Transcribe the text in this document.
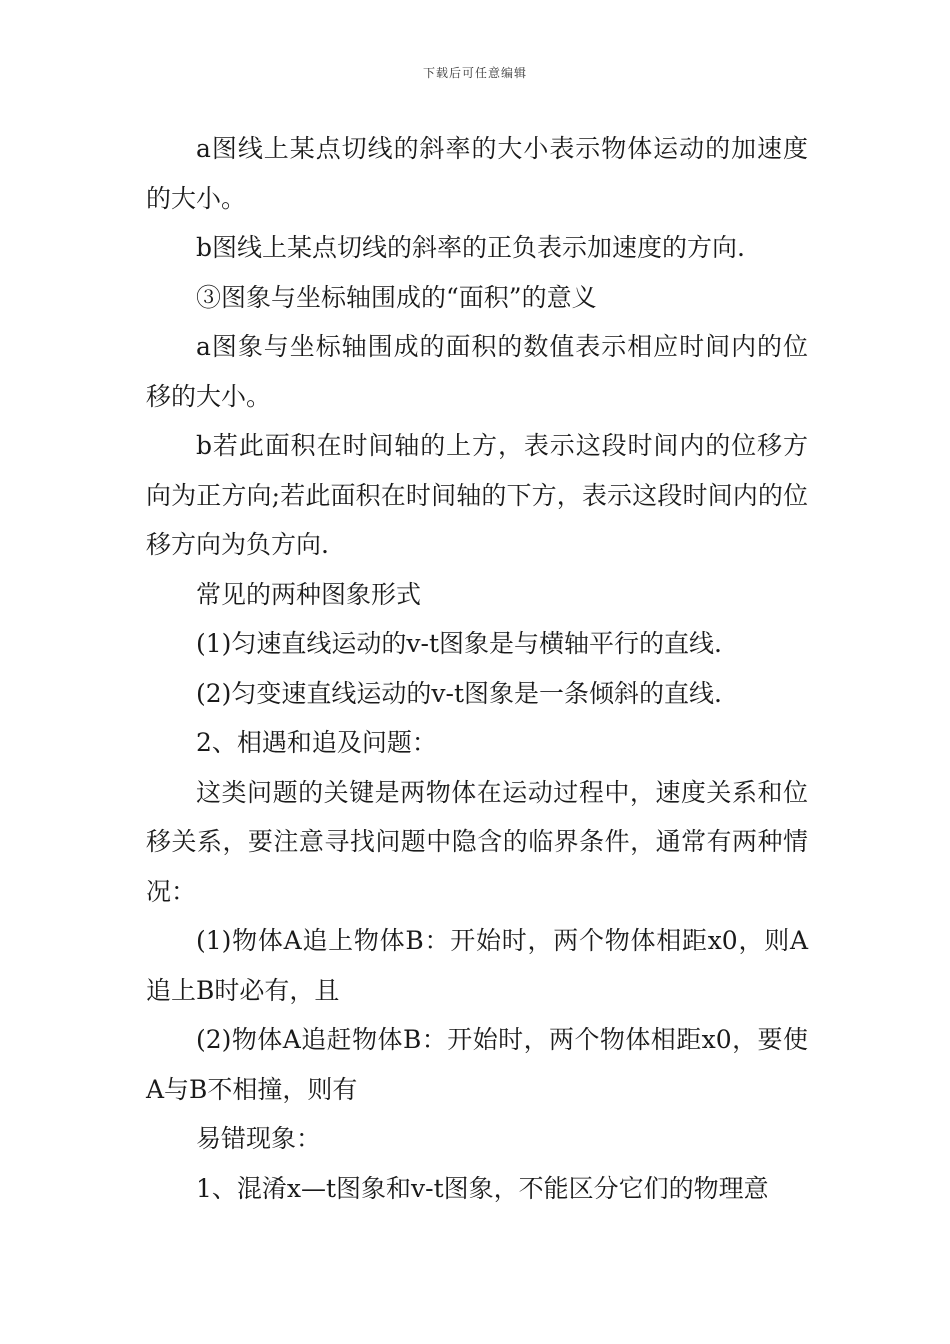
下载后可任意编辑

a图线上某点切线的斜率的大小表示物体运动的加速度的大小。

b图线上某点切线的斜率的正负表示加速度的方向.

③图象与坐标轴围成的“面积”的意义

a图象与坐标轴围成的面积的数值表示相应时间内的位移的大小。

b若此面积在时间轴的上方，表示这段时间内的位移方向为正方向;若此面积在时间轴的下方，表示这段时间内的位移方向为负方向.

常见的两种图象形式

(1)匀速直线运动的v-t图象是与横轴平行的直线.

(2)匀变速直线运动的v-t图象是一条倾斜的直线.

2、相遇和追及问题：

这类问题的关键是两物体在运动过程中，速度关系和位移关系，要注意寻找问题中隐含的临界条件，通常有两种情况：

(1)物体A追上物体B：开始时，两个物体相距x0，则A追上B时必有，且

(2)物体A追赶物体B：开始时，两个物体相距x0，要使A与B不相撞，则有

易错现象：

1、混淆x—t图象和v-t图象，不能区分它们的物理意
